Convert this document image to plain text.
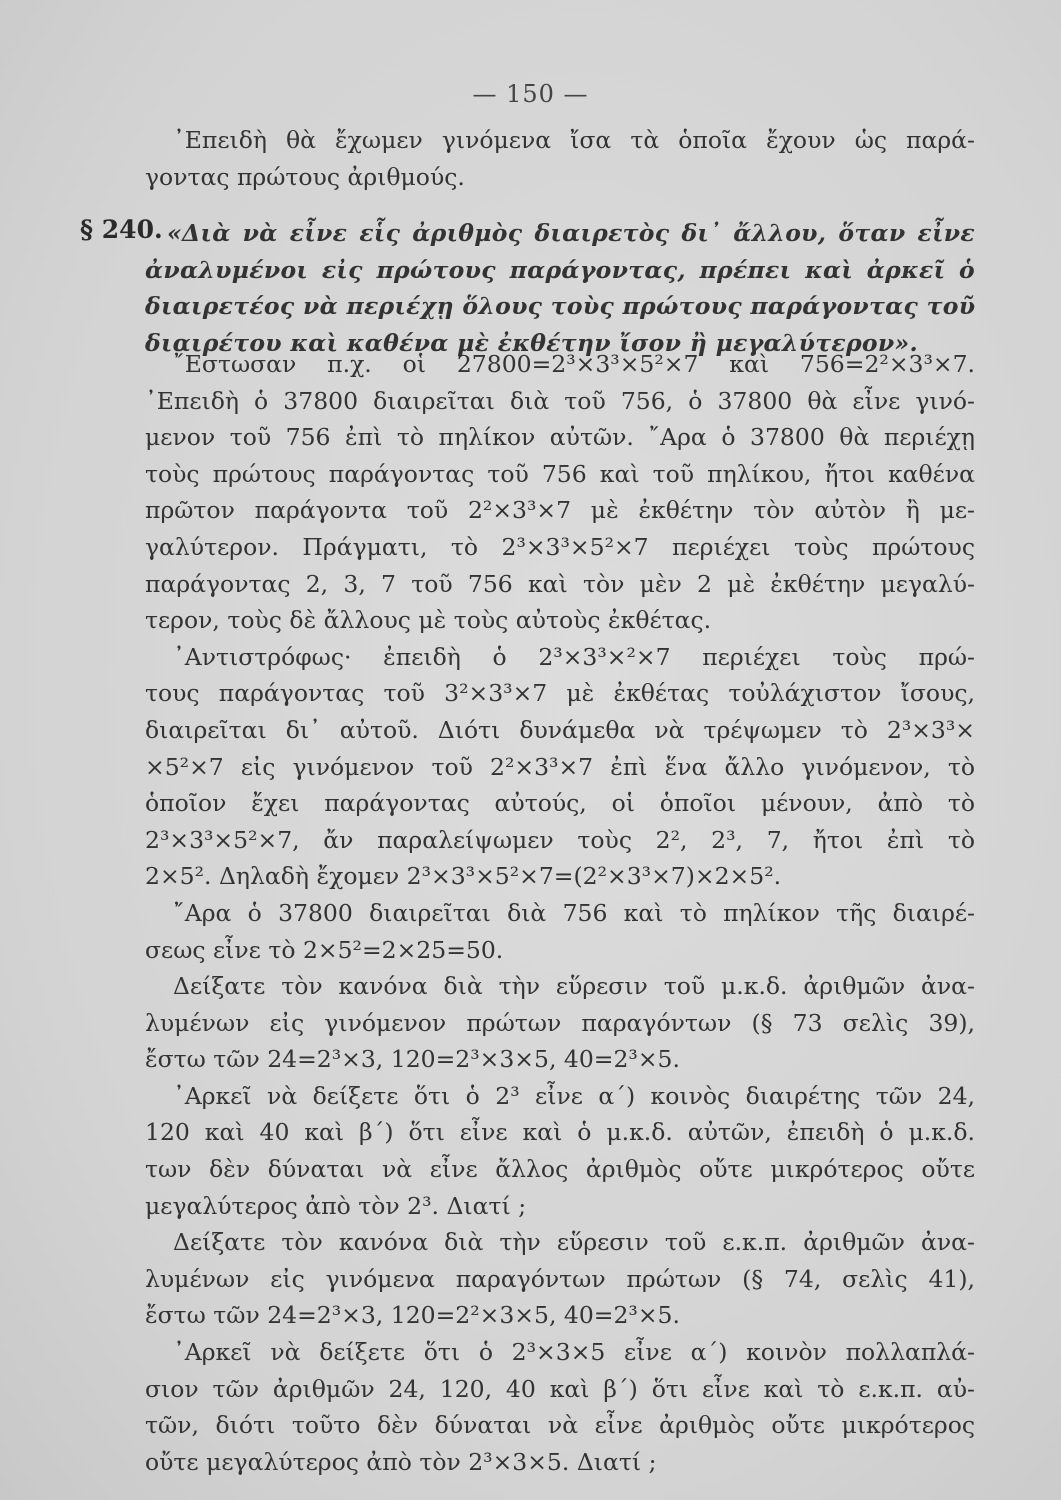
— 150 —
᾿Επειδὴ θὰ ἔχωμεν γινόμενα ἴσα τὰ ὁποῖα ἔχουν ὡς παρά-
γοντας πρώτους ἀριθμούς.
§ 240. «Διὰ νὰ εἶνε εἷς ἀριθμὸς διαιρετὸς δι᾿ ἄλλου, ὅταν εἶνε
ἀναλυμένοι εἰς πρώτους παράγοντας, πρέπει καὶ ἀρκεῖ ὁ
διαιρετέος νὰ περιέχῃ ὅλους τοὺς πρώτους παράγοντας τοῦ
διαιρέτου καὶ καθένα μὲ ἐκθέτην ἴσον ἢ μεγαλύτερον».
῎Εστωσαν π.χ. οἱ 27800=2³×3³×5²×7 καὶ 756=2²×3³×7.
᾿Επειδὴ ὁ 37800 διαιρεῖται διὰ τοῦ 756, ὁ 37800 θὰ εἶνε γινό-
μενον τοῦ 756 ἐπὶ τὸ πηλίκον αὐτῶν. ῎Αρα ὁ 37800 θὰ περιέχῃ
τοὺς πρώτους παράγοντας τοῦ 756 καὶ τοῦ πηλίκου, ἤτοι καθένα
πρῶτον παράγοντα τοῦ 2²×3³×7 μὲ ἐκθέτην τὸν αὐτὸν ἢ με-
γαλύτερον. Πράγματι, τὸ 2³×3³×5²×7 περιέχει τοὺς πρώτους
παράγοντας 2, 3, 7 τοῦ 756 καὶ τὸν μὲν 2 μὲ ἐκθέτην μεγαλύ-
τερον, τοὺς δὲ ἄλλους μὲ τοὺς αὐτοὺς ἐκθέτας.
᾿Αντιστρόφως· ἐπειδὴ ὁ 2³×3³×²×7 περιέχει τοὺς πρώ-
τους παράγοντας τοῦ 3²×3³×7 μὲ ἐκθέτας τοὐλάχιστον ἴσους,
διαιρεῖται δι᾿ αὐτοῦ. Διότι δυνάμεθα νὰ τρέψωμεν τὸ 2³×3³×
×5²×7 εἰς γινόμενον τοῦ 2²×3³×7 ἐπὶ ἕνα ἄλλο γινόμενον, τὸ
ὁποῖον ἔχει παράγοντας αὐτούς, οἱ ὁποῖοι μένουν, ἀπὸ τὸ
2³×3³×5²×7, ἄν παραλείψωμεν τοὺς 2², 2³, 7, ἤτοι ἐπὶ τὸ
2×5². Δηλαδὴ ἔχομεν 2³×3³×5²×7=(2²×3³×7)×2×5².
῎Αρα ὁ 37800 διαιρεῖται διὰ 756 καὶ τὸ πηλίκον τῆς διαιρέ-
σεως εἶνε τὸ 2×5²=2×25=50.
Δείξατε τὸν κανόνα διὰ τὴν εὕρεσιν τοῦ μ.κ.δ. ἀριθμῶν ἀνα-
λυμένων εἰς γινόμενον πρώτων παραγόντων (§ 73 σελὶς 39),
ἔστω τῶν 24=2³×3, 120=2³×3×5, 40=2³×5.
᾿Αρκεῖ νὰ δείξετε ὅτι ὁ 2³ εἶνε α΄) κοινὸς διαιρέτης τῶν 24,
120 καὶ 40 καὶ β΄) ὅτι εἶνε καὶ ὁ μ.κ.δ. αὐτῶν, ἐπειδὴ ὁ μ.κ.δ.
των δὲν δύναται νὰ εἶνε ἄλλος ἀριθμὸς οὔτε μικρότερος οὔτε
μεγαλύτερος ἀπὸ τὸν 2³. Διατί ;
Δείξατε τὸν κανόνα διὰ τὴν εὕρεσιν τοῦ ε.κ.π. ἀριθμῶν ἀνα-
λυμένων εἰς γινόμενα παραγόντων πρώτων (§ 74, σελὶς 41),
ἔστω τῶν 24=2³×3, 120=2²×3×5, 40=2³×5.
᾿Αρκεῖ νὰ δείξετε ὅτι ὁ 2³×3×5 εἶνε α΄) κοινὸν πολλαπλά-
σιον τῶν ἀριθμῶν 24, 120, 40 καὶ β΄) ὅτι εἶνε καὶ τὸ ε.κ.π. αὐ-
τῶν, διότι τοῦτο δὲν δύναται νὰ εἶνε ἀριθμὸς οὔτε μικρότερος
οὔτε μεγαλύτερος ἀπὸ τὸν 2³×3×5. Διατί ;
